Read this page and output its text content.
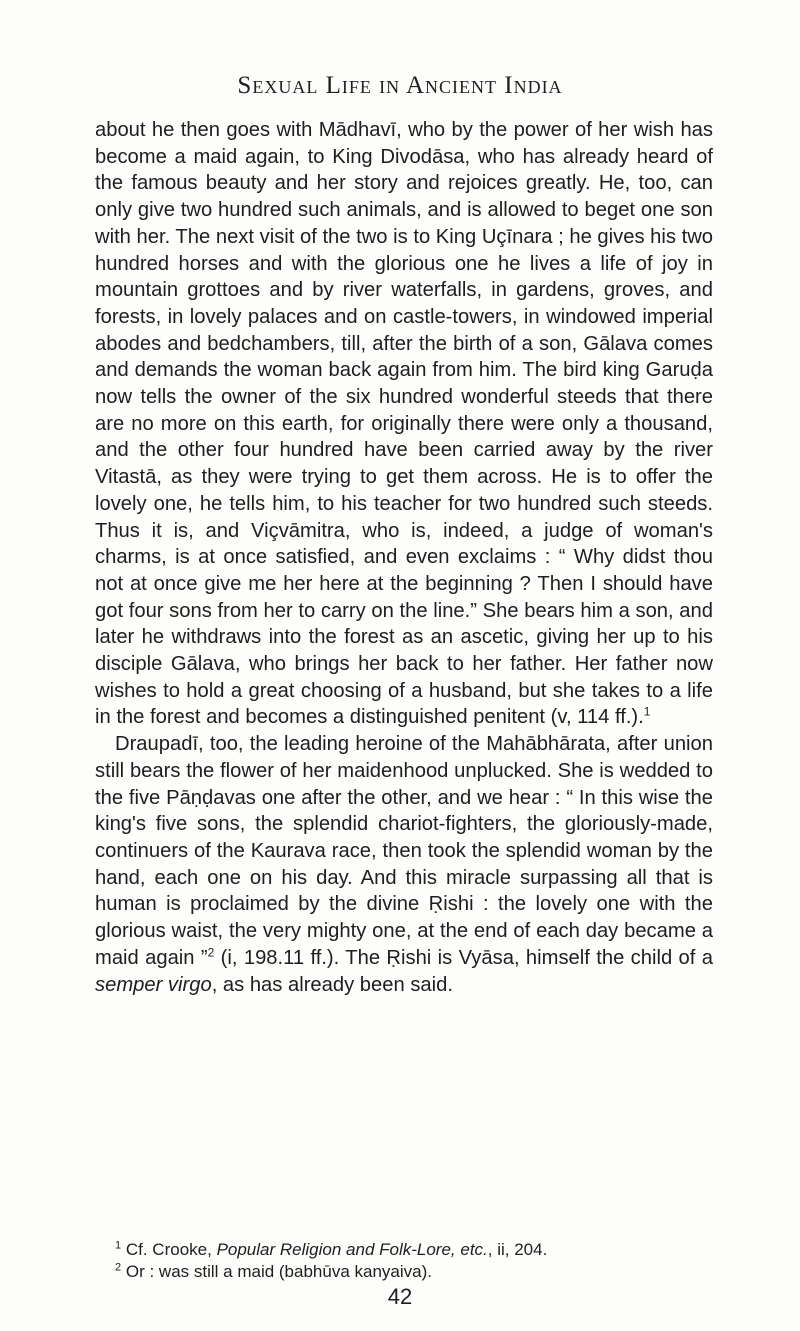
Sexual Life in Ancient India

about he then goes with Mādhavī, who by the power of her wish has become a maid again, to King Divodāsa, who has already heard of the famous beauty and her story and rejoices greatly. He, too, can only give two hundred such animals, and is allowed to beget one son with her. The next visit of the two is to King Uçīnara ; he gives his two hundred horses and with the glorious one he lives a life of joy in mountain grottoes and by river waterfalls, in gardens, groves, and forests, in lovely palaces and on castle-towers, in windowed imperial abodes and bedchambers, till, after the birth of a son, Gālava comes and demands the woman back again from him. The bird king Garuḍa now tells the owner of the six hundred wonderful steeds that there are no more on this earth, for originally there were only a thousand, and the other four hundred have been carried away by the river Vitastā, as they were trying to get them across. He is to offer the lovely one, he tells him, to his teacher for two hundred such steeds. Thus it is, and Viçvāmitra, who is, indeed, a judge of woman's charms, is at once satisfied, and even exclaims : “ Why didst thou not at once give me her here at the beginning ? Then I should have got four sons from her to carry on the line.” She bears him a son, and later he withdraws into the forest as an ascetic, giving her up to his disciple Gālava, who brings her back to her father. Her father now wishes to hold a great choosing of a husband, but she takes to a life in the forest and becomes a distinguished penitent (v, 114 ff.).$^1$

Draupadī, too, the leading heroine of the Mahābhārata, after union still bears the flower of her maidenhood unplucked. She is wedded to the five Pāṇḍavas one after the other, and we hear : “ In this wise the king's five sons, the splendid chariot-fighters, the gloriously-made, continuers of the Kaurava race, then took the splendid woman by the hand, each one on his day. And this miracle surpassing all that is human is proclaimed by the divine Ṛishi : the lovely one with the glorious waist, the very mighty one, at the end of each day became a maid again ”$^2$ (i, 198.11 ff.). The Ṛishi is Vyāsa, himself the child of a semper virgo, as has already been said.

$^1$ Cf. Crooke, Popular Religion and Folk-Lore, etc., ii, 204.

$^2$ Or : was still a maid (babhūva kanyaiva).

42
